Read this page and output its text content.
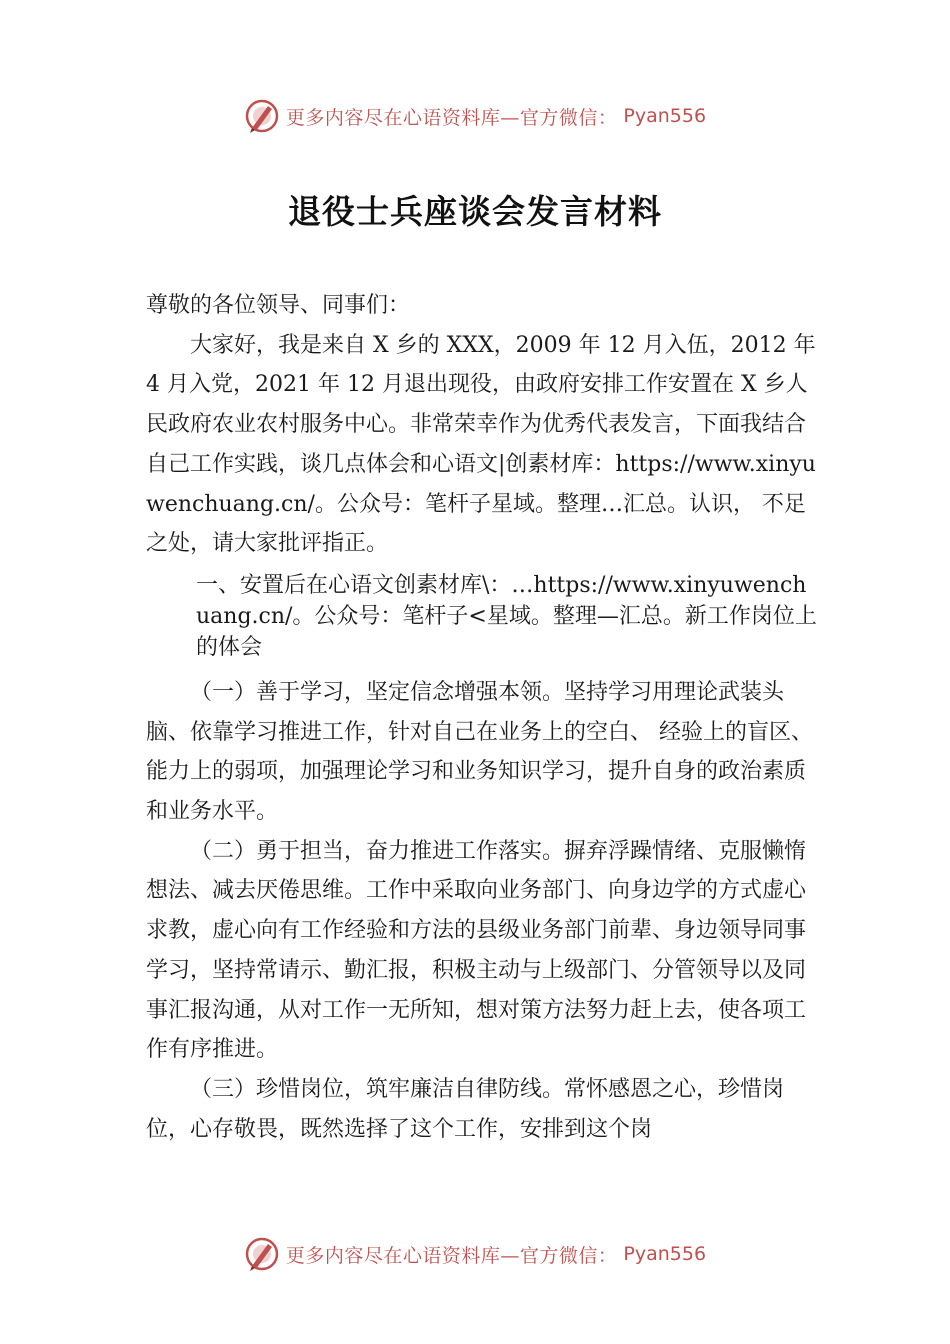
更多内容尽在心语资料库—官方微信： Pyan556
退役士兵座谈会发言材料

尊敬的各位领导、同事们：

大家好，我是来自 X 乡的 XXX，2009 年 12 月入伍，2012 年 4 月入党，2021 年 12 月退出现役，由政府安排工作安置在 X 乡人民政府农业农村服务中心。非常荣幸作为优秀代表发言，下面我结合自己工作实践，谈几点体会和心语文|创素材库：https://www.xinyuwenchuang.cn/。公众号：笔杆子星域。整理…汇总。认识， 不足之处，请大家批评指正。

一、安置后在心语文创素材库\：…https://www.xinyuwenchuang.cn/。公众号：笔杆子<星域。整理—汇总。新工作岗位上的体会

（一）善于学习，坚定信念增强本领。坚持学习用理论武装头脑、依靠学习推进工作，针对自己在业务上的空白、 经验上的盲区、能力上的弱项，加强理论学习和业务知识学习，提升自身的政治素质和业务水平。

（二）勇于担当，奋力推进工作落实。摒弃浮躁情绪、克服懒惰想法、减去厌倦思维。工作中采取向业务部门、向身边学的方式虚心求教，虚心向有工作经验和方法的县级业务部门前辈、身边领导同事学习，坚持常请示、勤汇报，积极主动与上级部门、分管领导以及同事汇报沟通，从对工作一无所知，想对策方法努力赶上去，使各项工作有序推进。

（三）珍惜岗位，筑牢廉洁自律防线。常怀感恩之心，珍惜岗位，心存敬畏，既然选择了这个工作，安排到这个岗

更多内容尽在心语资料库—官方微信： Pyan556
